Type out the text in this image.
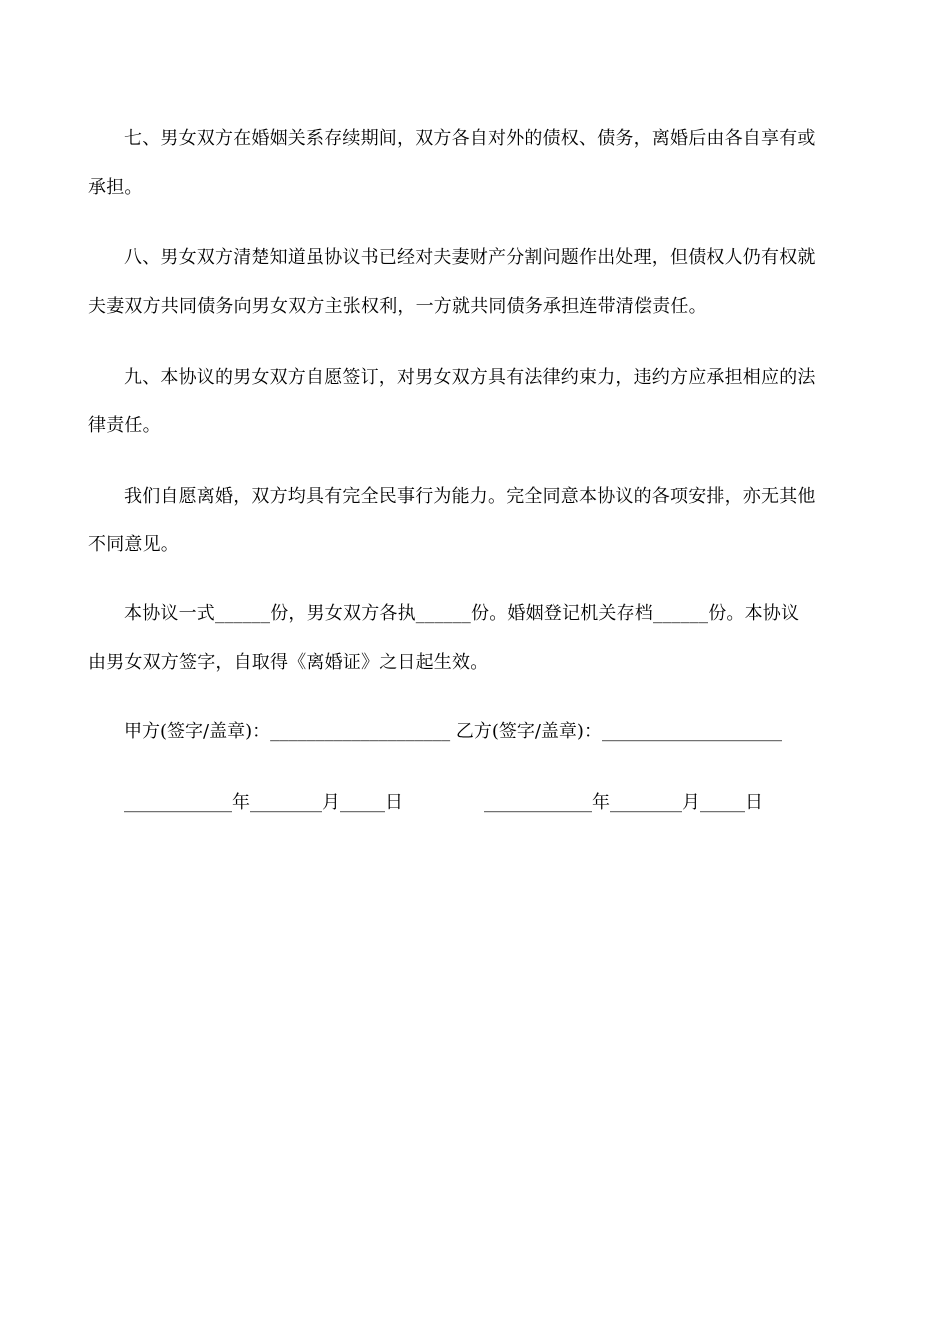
七、男女双方在婚姻关系存续期间，双方各自对外的债权、债务，离婚后由各自享有或
承担。
八、男女双方清楚知道虽协议书已经对夫妻财产分割问题作出处理，但债权人仍有权就
夫妻双方共同债务向男女双方主张权利，一方就共同债务承担连带清偿责任。
九、本协议的男女双方自愿签订，对男女双方具有法律约束力，违约方应承担相应的法
律责任。
我们自愿离婚，双方均具有完全民事行为能力。完全同意本协议的各项安排，亦无其他
不同意见。
本协议一式______份，男女双方各执______份。婚姻登记机关存档______份。本协议
由男女双方签字，自取得《离婚证》之日起生效。
甲方(签字/盖章)：____________________ 乙方(签字/盖章)：____________________
____________年________月_____日	____________年________月_____日
